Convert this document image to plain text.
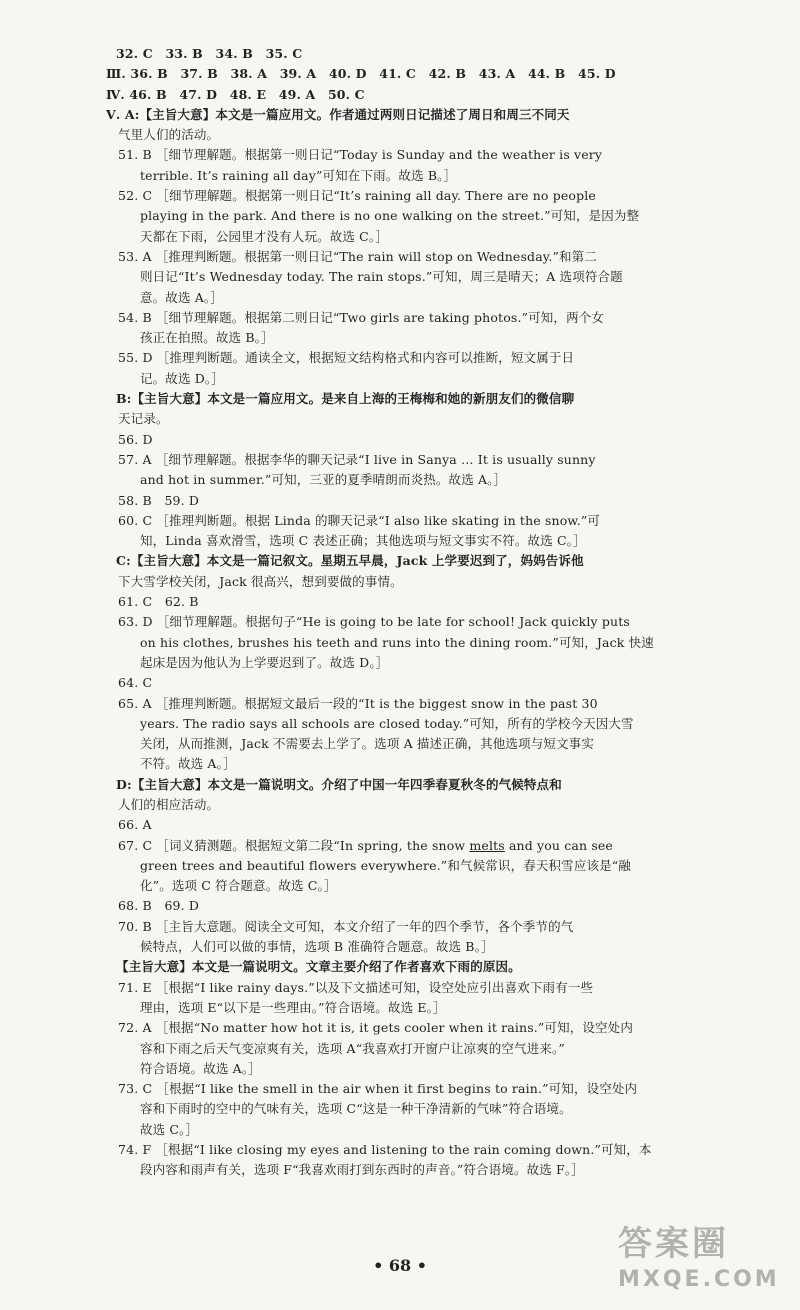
32. C　33. B　34. B　35. C
Ⅲ. 36. B　37. B　38. A　39. A　40. D　41. C　42. B　43. A　44. B　45. D
Ⅳ. 46. B　47. D　48. E　49. A　50. C
Ⅴ. A:【主旨大意】本文是一篇应用文。作者通过两则日记描述了周日和周三不同天
气里人们的活动。
51. B ［细节理解题。根据第一则日记“Today is Sunday and the weather is very
terrible. It’s raining all day”可知在下雨。故选 B。］
52. C ［细节理解题。根据第一则日记“It’s raining all day. There are no people
playing in the park. And there is no one walking on the street.”可知，是因为整
天都在下雨，公园里才没有人玩。故选 C。］
53. A ［推理判断题。根据第一则日记“The rain will stop on Wednesday.”和第二
则日记“It’s Wednesday today. The rain stops.”可知，周三是晴天；A 选项符合题
意。故选 A。］
54. B ［细节理解题。根据第二则日记“Two girls are taking photos.”可知，两个女
孩正在拍照。故选 B。］
55. D ［推理判断题。通读全文，根据短文结构格式和内容可以推断，短文属于日
记。故选 D。］
B:【主旨大意】本文是一篇应用文。是来自上海的王梅梅和她的新朋友们的微信聊
天记录。
56. D
57. A ［细节理解题。根据李华的聊天记录“I live in Sanya … It is usually sunny
and hot in summer.”可知，三亚的夏季晴朗而炎热。故选 A。］
58. B　59. D
60. C ［推理判断题。根据 Linda 的聊天记录“I also like skating in the snow.”可
知，Linda 喜欢滑雪，选项 C 表述正确；其他选项与短文事实不符。故选 C。］
C:【主旨大意】本文是一篇记叙文。星期五早晨，Jack 上学要迟到了，妈妈告诉他
下大雪学校关闭，Jack 很高兴，想到要做的事情。
61. C　62. B
63. D ［细节理解题。根据句子“He is going to be late for school! Jack quickly puts
on his clothes, brushes his teeth and runs into the dining room.”可知，Jack 快速
起床是因为他认为上学要迟到了。故选 D。］
64. C
65. A ［推理判断题。根据短文最后一段的“It is the biggest snow in the past 30
years. The radio says all schools are closed today.”可知，所有的学校今天因大雪
关闭，从而推测，Jack 不需要去上学了。选项 A 描述正确，其他选项与短文事实
不符。故选 A。］
D:【主旨大意】本文是一篇说明文。介绍了中国一年四季春夏秋冬的气候特点和
人们的相应活动。
66. A
67. C ［词义猜测题。根据短文第二段“In spring, the snow melts and you can see
green trees and beautiful flowers everywhere.”和气候常识，春天积雪应该是“融
化”。选项 C 符合题意。故选 C。］
68. B　69. D
70. B ［主旨大意题。阅读全文可知，本文介绍了一年的四个季节，各个季节的气
候特点，人们可以做的事情，选项 B 准确符合题意。故选 B。］
【主旨大意】本文是一篇说明文。文章主要介绍了作者喜欢下雨的原因。
71. E ［根据“I like rainy days.”以及下文描述可知，设空处应引出喜欢下雨有一些
理由，选项 E“以下是一些理由。”符合语境。故选 E。］
72. A ［根据“No matter how hot it is, it gets cooler when it rains.”可知，设空处内
容和下雨之后天气变凉爽有关，选项 A“我喜欢打开窗户让凉爽的空气进来。”
符合语境。故选 A。］
73. C ［根据“I like the smell in the air when it first begins to rain.”可知，设空处内
容和下雨时的空中的气味有关，选项 C“这是一种干净清新的气味”符合语境。
故选 C。］
74. F ［根据“I like closing my eyes and listening to the rain coming down.”可知，本
段内容和雨声有关，选项 F“我喜欢雨打到东西时的声音。”符合语境。故选 F。］
• 68 •
答案圈
MXQE.COM
